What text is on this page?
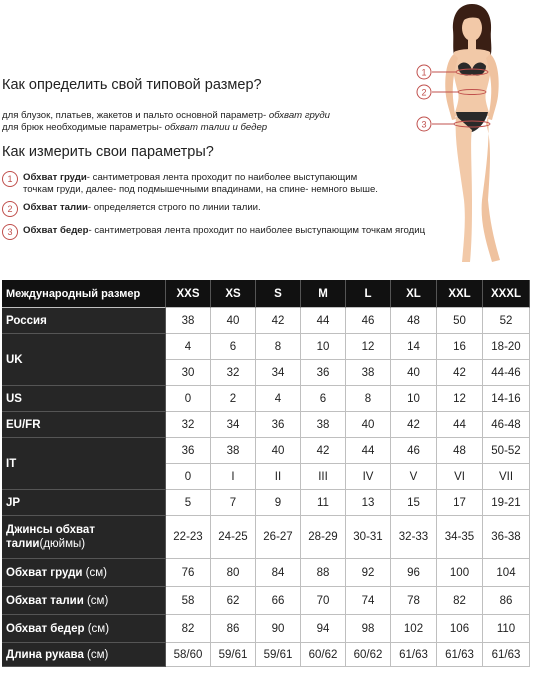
Как определить свой типовой размер?
для блузок, платьев, жакетов и пальто основной параметр- обхват груди
для брюк необходимые параметры- обхват талии и бедер
Как измерить свои параметры?
1	Обхват груди- сантиметровая лента проходит по наиболее выступающим
точкам груди, далее- под подмышечными впадинами, на спине- немного выше.
2	Обхват талии- определяется строго по линии талии.
3	Обхват бедер- сантиметровая лента проходит по наиболее выступающим точкам ягодиц
1
2
3
Международный размер	XXS	XS	S	M	L	XL	XXL	XXXL
Россия	38	40	42	44	46	48	50	52
UK	4	6	8	10	12	14	16	18-20
	30	32	34	36	38	40	42	44-46
US	0	2	4	6	8	10	12	14-16
EU/FR	32	34	36	38	40	42	44	46-48
IT	36	38	40	42	44	46	48	50-52
	0	I	II	III	IV	V	VI	VII
JP	5	7	9	11	13	15	17	19-21
Джинсы обхват
талии(дюймы)	22-23	24-25	26-27	28-29	30-31	32-33	34-35	36-38
Обхват груди (см)	76	80	84	88	92	96	100	104
Обхват талии (см)	58	62	66	70	74	78	82	86
Обхват бедер (см)	82	86	90	94	98	102	106	110
Длина рукава (см)	58/60	59/61	59/61	60/62	60/62	61/63	61/63	61/63
